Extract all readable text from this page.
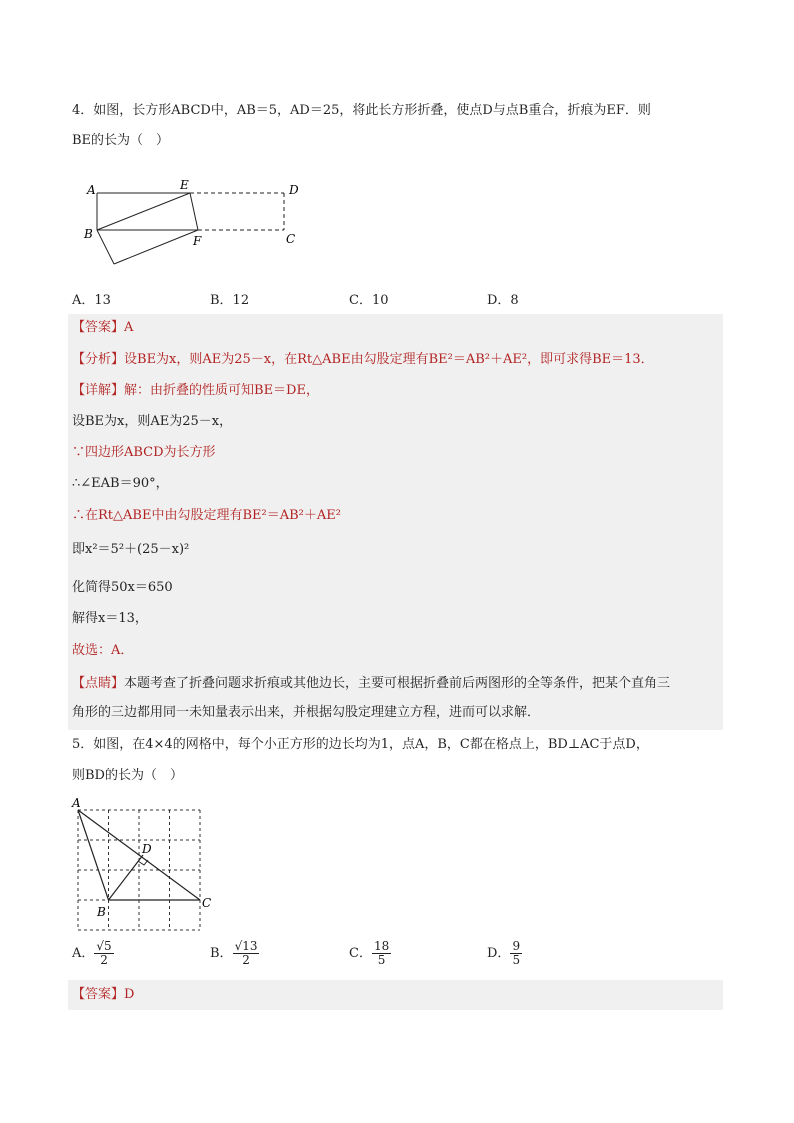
4．如图，长方形ABCD中，AB＝5，AD＝25，将此长方形折叠，使点D与点B重合，折痕为EF．则
BE的长为（　）
A	E	D
B	F	C
A．13	B．12	C．10	D．8
【答案】A
【分析】设BE为x，则AE为25－x，在Rt△ABE由勾股定理有BE²＝AB²＋AE²，即可求得BE＝13．
【详解】解：由折叠的性质可知BE＝DE，
设BE为x，则AE为25－x，
∵四边形ABCD为长方形
∴∠EAB＝90°，
∴在Rt△ABE中由勾股定理有BE²＝AB²＋AE²
即x²＝5²＋(25－x)²
化简得50x＝650
解得x＝13，
故选：A．
【点睛】本题考查了折叠问题求折痕或其他边长，主要可根据折叠前后两图形的全等条件，把某个直角三
角形的三边都用同一未知量表示出来，并根据勾股定理建立方程，进而可以求解．
5．如图，在4×4的网格中，每个小正方形的边长均为1，点A，B，C都在格点上，BD⊥AC于点D，
则BD的长为（　）
A
D
B
C
A． $\frac{√5}{2}$	B． $\frac{√13}{2}$	C． $\frac{18}{5}$	D． $\frac{9}{5}$
【答案】D
